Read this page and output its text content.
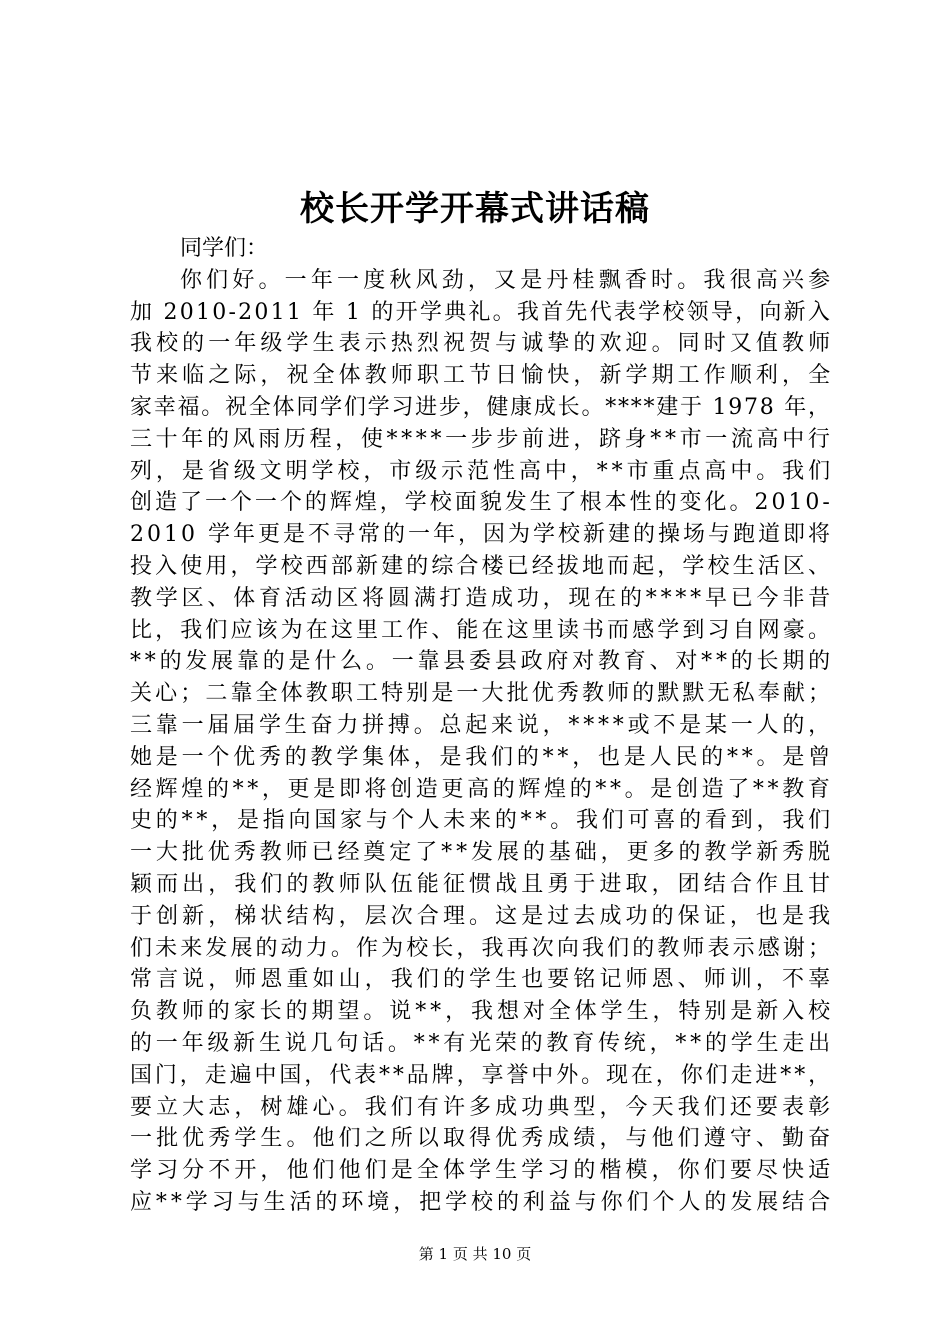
校长开学开幕式讲话稿
同学们：
你们好。一年一度秋风劲，又是丹桂飘香时。我很高兴参
加 2010-2011 年 1 的开学典礼。我首先代表学校领导，向新入
我校的一年级学生表示热烈祝贺与诚挚的欢迎。同时又值教师
节来临之际，祝全体教师职工节日愉快，新学期工作顺利，全
家幸福。祝全体同学们学习进步，健康成长。****建于 1978 年，
三十年的风雨历程，使****一步步前进，跻身**市一流高中行
列，是省级文明学校，市级示范性高中，**市重点高中。我们
创造了一个一个的辉煌，学校面貌发生了根本性的变化。2010-
2010 学年更是不寻常的一年，因为学校新建的操场与跑道即将
投入使用，学校西部新建的综合楼已经拔地而起，学校生活区、
教学区、体育活动区将圆满打造成功，现在的****早已今非昔
比，我们应该为在这里工作、能在这里读书而感学到习自网豪。
**的发展靠的是什么。一靠县委县政府对教育、对**的长期的
关心；二靠全体教职工特别是一大批优秀教师的默默无私奉献；
三靠一届届学生奋力拼搏。总起来说，****或不是某一人的，
她是一个优秀的教学集体，是我们的**，也是人民的**。是曾
经辉煌的**，更是即将创造更高的辉煌的**。是创造了**教育
史的**，是指向国家与个人未来的**。我们可喜的看到，我们
一大批优秀教师已经奠定了**发展的基础，更多的教学新秀脱
颖而出，我们的教师队伍能征惯战且勇于进取，团结合作且甘
于创新，梯状结构，层次合理。这是过去成功的保证，也是我
们未来发展的动力。作为校长，我再次向我们的教师表示感谢；
常言说，师恩重如山，我们的学生也要铭记师恩、师训，不辜
负教师的家长的期望。说**，我想对全体学生，特别是新入校
的一年级新生说几句话。**有光荣的教育传统，**的学生走出
国门，走遍中国，代表**品牌，享誉中外。现在，你们走进**，
要立大志，树雄心。我们有许多成功典型，今天我们还要表彰
一批优秀学生。他们之所以取得优秀成绩，与他们遵守、勤奋
学习分不开，他们他们是全体学生学习的楷模，你们要尽快适
应**学习与生活的环境，把学校的利益与你们个人的发展结合
第 1 页 共 10 页
